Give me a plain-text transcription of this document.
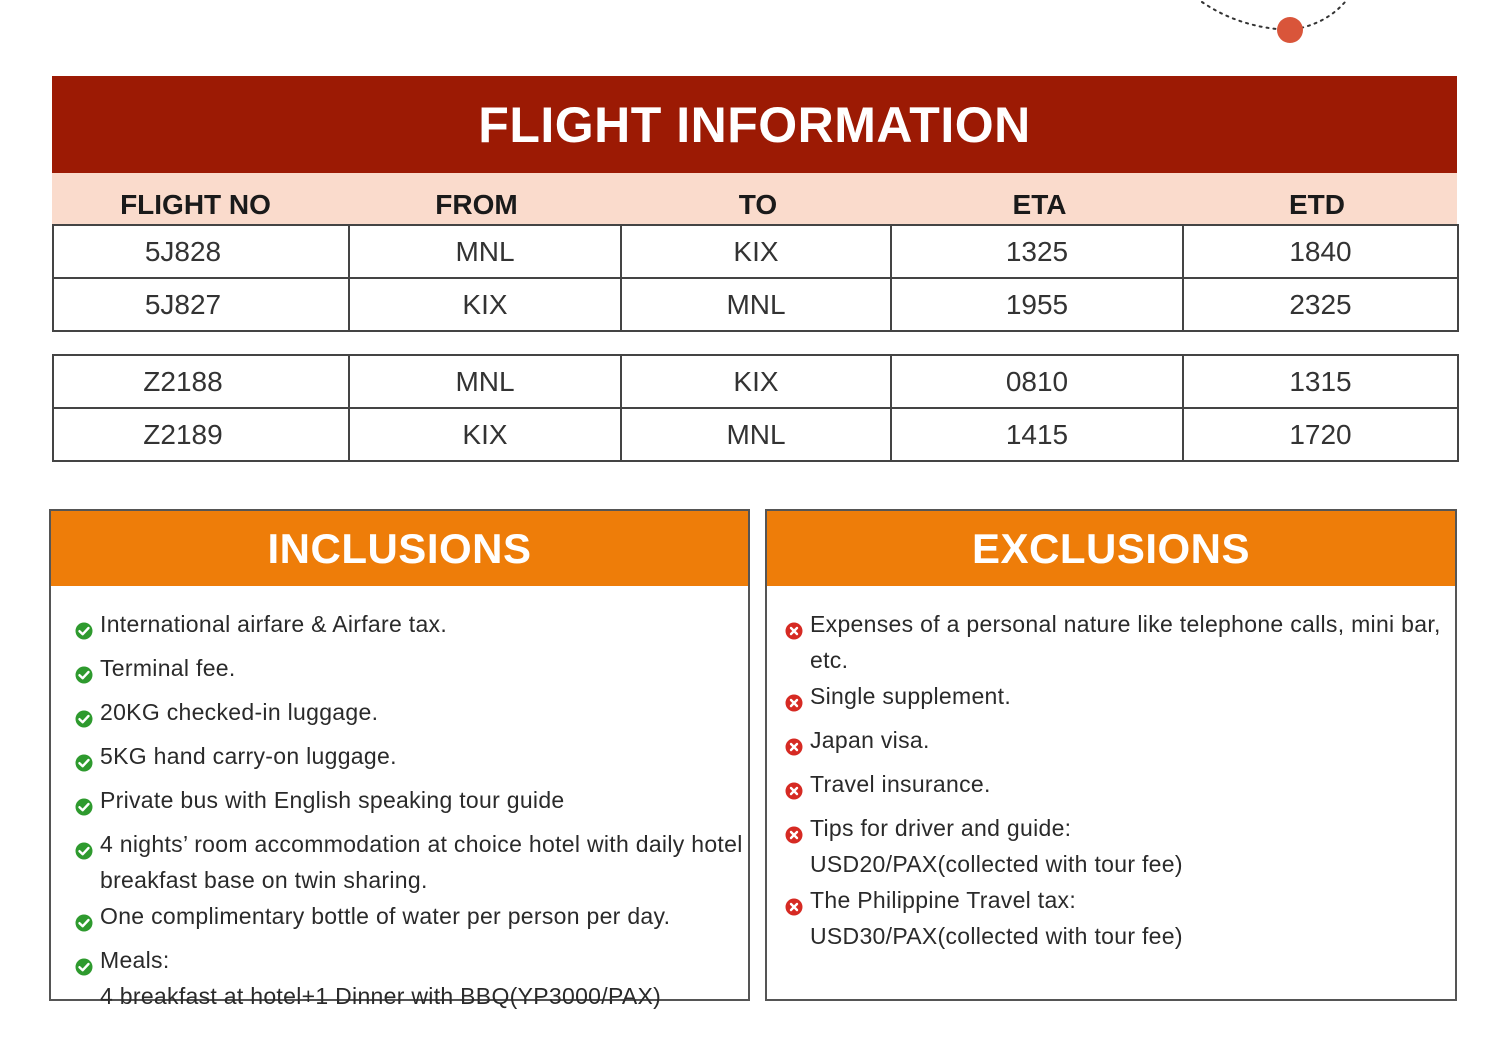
FLIGHT INFORMATION
FLIGHT NO	FROM	TO	ETA	ETD
5J828	MNL	KIX	1325	1840
5J827	KIX	MNL	1955	2325
Z2188	MNL	KIX	0810	1315
Z2189	KIX	MNL	1415	1720
INCLUSIONS
International airfare & Airfare tax.
Terminal fee.
20KG checked-in luggage.
5KG hand carry-on luggage.
Private bus with English speaking tour guide
4 nights’ room accommodation at choice hotel with daily hotel breakfast base on twin sharing.
One complimentary bottle of water per person per day.
Meals:
4 breakfast at hotel+1 Dinner with BBQ(YP3000/PAX)
EXCLUSIONS
Expenses of a personal nature like telephone calls, mini bar, etc.
Single supplement.
Japan visa.
Travel insurance.
Tips for driver and guide:
USD20/PAX(collected with tour fee)
The Philippine Travel tax:
USD30/PAX(collected with tour fee)
